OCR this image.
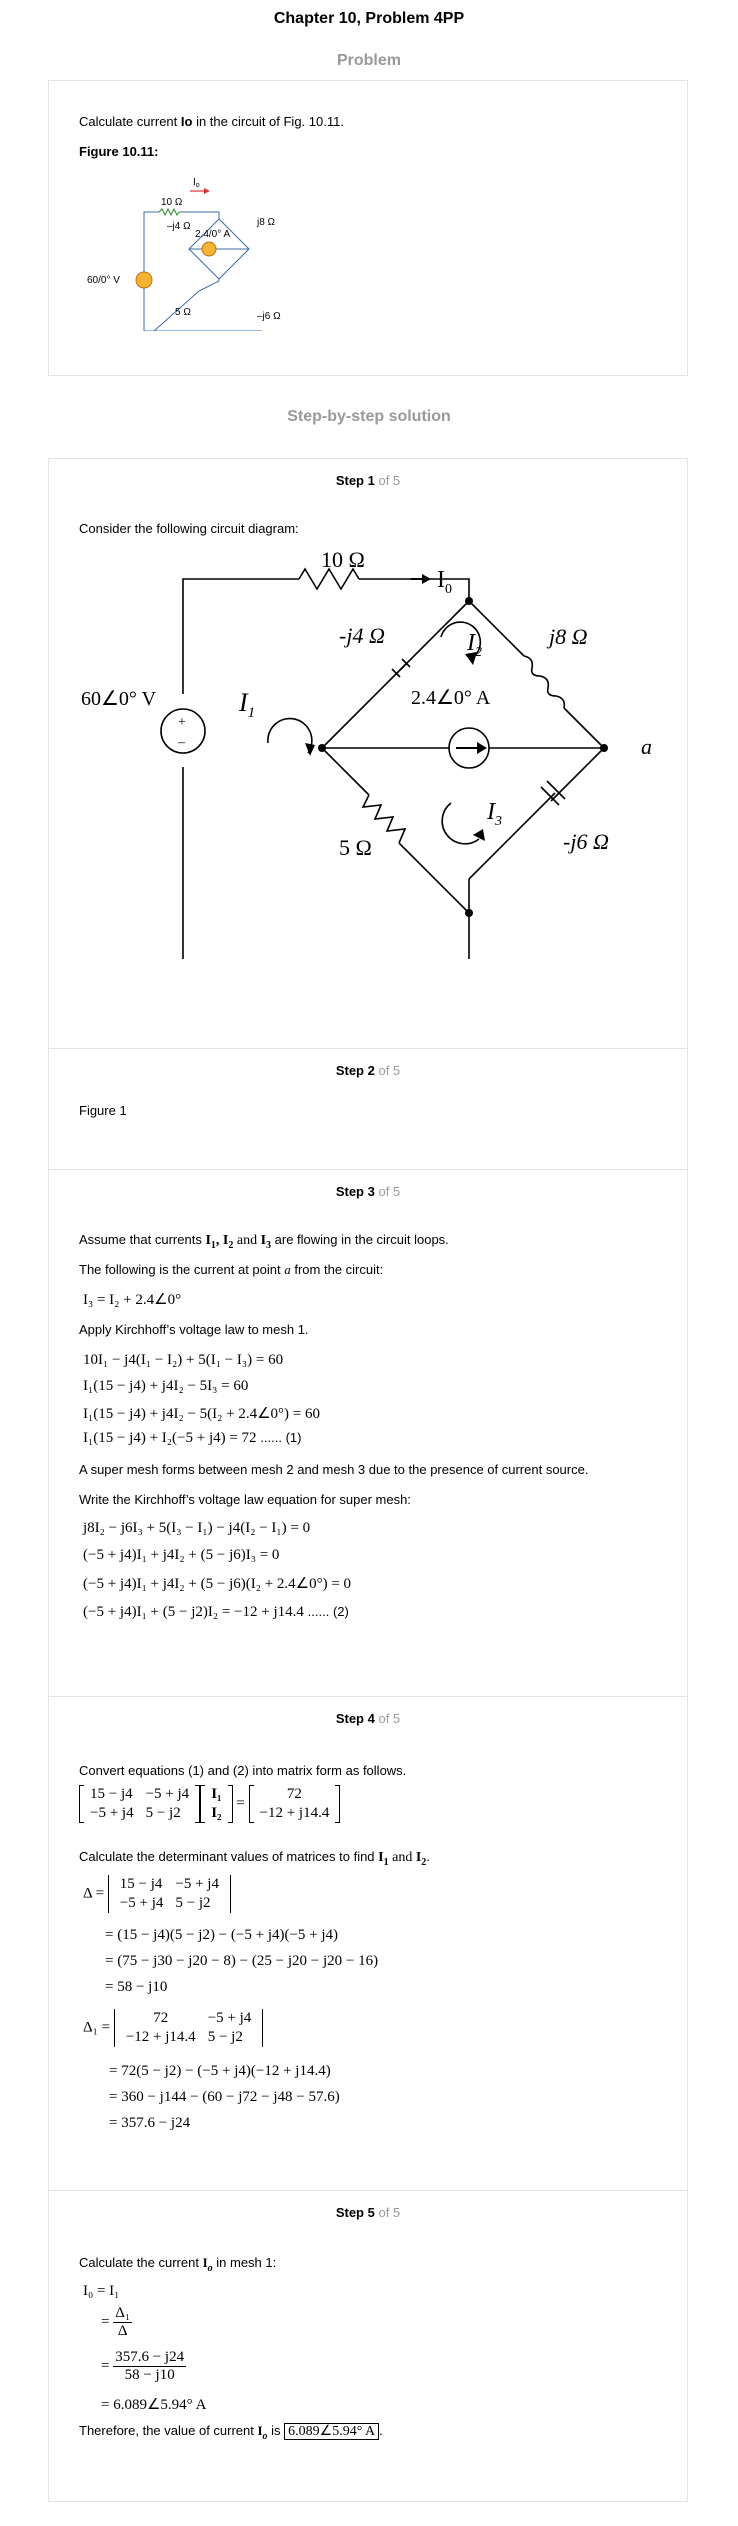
Chapter 10, Problem 4PP
Problem
Calculate current Io in the circuit of Fig. 10.11.
Figure 10.11:
10 Ω
$I_o$
–j4 Ω	j8 Ω
2.4/0° A
60/0° V
5 Ω	–j6 Ω
Step-by-step solution
Step 1 of 5
Consider the following circuit diagram:
10 Ω
$I_0$
-j4 Ω	j8 Ω
2.4∠0° A
60∠0° V
5 Ω	-j6 Ω
a
$I_1$
$I_2$
$I_3$
+
–
Step 2 of 5
Figure 1
Step 3 of 5
Assume that currents $I_1$, $I_2$ and $I_3$ are flowing in the circuit loops.
The following is the current at point a from the circuit:
I₃ = I₂ + 2.4∠0°
Apply Kirchhoff’s voltage law to mesh 1.
10I₁ − j4(I₁ − I₂) + 5(I₁ − I₃) = 60
I₁(15 − j4) + j4I₂ − 5I₃ = 60
I₁(15 − j4) + j4I₂ − 5(I₂ + 2.4∠0°) = 60
I₁(15 − j4) + I₂(−5 + j4) = 72 ...... (1)
A super mesh forms between mesh 2 and mesh 3 due to the presence of current source.
Write the Kirchhoff’s voltage law equation for super mesh:
j8I₂ − j6I₃ + 5(I₃ − I₁) − j4(I₂ − I₁) = 0
(−5 + j4)I₁ + j4I₂ + (5 − j6)I₃ = 0
(−5 + j4)I₁ + j4I₂ + (5 − j6)(I₂ + 2.4∠0°) = 0
(−5 + j4)I₁ + (5 − j2)I₂ = −12 + j14.4 ...... (2)
Step 4 of 5
Convert equations (1) and (2) into matrix form as follows.
15 − j4	−5 + j4
−5 + j4	5 − j2
I₁
I₂
=
72
−12 + j14.4
Calculate the determinant values of matrices to find $I_1$ and $I_2$.
Δ =
15 − j4	−5 + j4
−5 + j4	5 − j2
= (15 − j4)(5 − j2) − (−5 + j4)(−5 + j4)
= (75 − j30 − j20 − 8) − (25 − j20 − j20 − 16)
= 58 − j10
Δ₁ =
72	−5 + j4
−12 + j14.4	5 − j2
= 72(5 − j2) − (−5 + j4)(−12 + j14.4)
= 360 − j144 − (60 − j72 − j48 − 57.6)
= 357.6 − j24
Step 5 of 5
Calculate the current $I_o$ in mesh 1:
I₀ = I₁
= $\frac{\text{Δ₁}}{\Delta}$
= $\frac{357.6 - j24}{58 - j10}$
= 6.089∠5.94° A
Therefore, the value of current $I_o$ is 6.089∠5.94° A .
